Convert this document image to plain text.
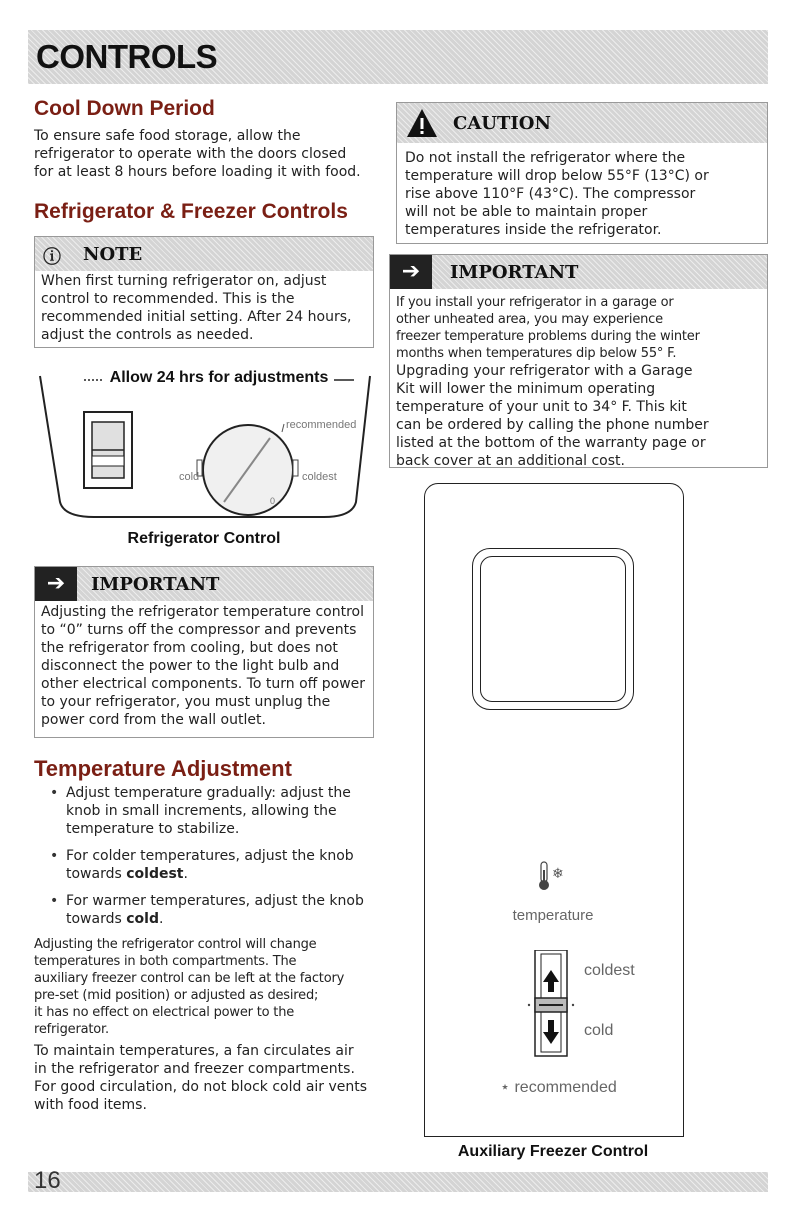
CONTROLS
Cool Down Period
To ensure safe food storage, allow the
refrigerator to operate with the doors closed
for at least 8 hours before loading it with food.
Refrigerator & Freezer Controls
ⓘ NOTE
When first turning refrigerator on, adjust
control to recommended. This is the
recommended initial setting. After 24 hours,
adjust the controls as needed.
Allow 24 hrs for adjustments
recommended
cold	coldest
0
Refrigerator Control
➔	IMPORTANT
Adjusting the refrigerator temperature control
to “0” turns off the compressor and prevents
the refrigerator from cooling, but does not
disconnect the power to the light bulb and
other electrical components. To turn off power
to your refrigerator, you must unplug the
power cord from the wall outlet.
Temperature Adjustment
• Adjust temperature gradually: adjust the
knob in small increments, allowing the
temperature to stabilize.
• For colder temperatures, adjust the knob
towards coldest.
• For warmer temperatures, adjust the knob
towards cold.
Adjusting the refrigerator control will change
temperatures in both compartments. The
auxiliary freezer control can be left at the factory
pre-set (mid position) or adjusted as desired;
it has no effect on electrical power to the
refrigerator.
To maintain temperatures, a fan circulates air
in the refrigerator and freezer compartments.
For good circulation, do not block cold air vents
with food items.
CAUTION
Do not install the refrigerator where the
temperature will drop below 55°F (13°C) or
rise above 110°F (43°C). The compressor
will not be able to maintain proper
temperatures inside the refrigerator.
➔	IMPORTANT
If you install your refrigerator in a garage or
other unheated area, you may experience
freezer temperature problems during the winter
months when temperatures dip below 55° F.
Upgrading your refrigerator with a Garage
Kit will lower the minimum operating
temperature of your unit to 34° F. This kit
can be ordered by calling the phone number
listed at the bottom of the warranty page or
back cover at an additional cost.
❄
temperature
coldest
cold
⋆ recommended
Auxiliary Freezer Control
16
